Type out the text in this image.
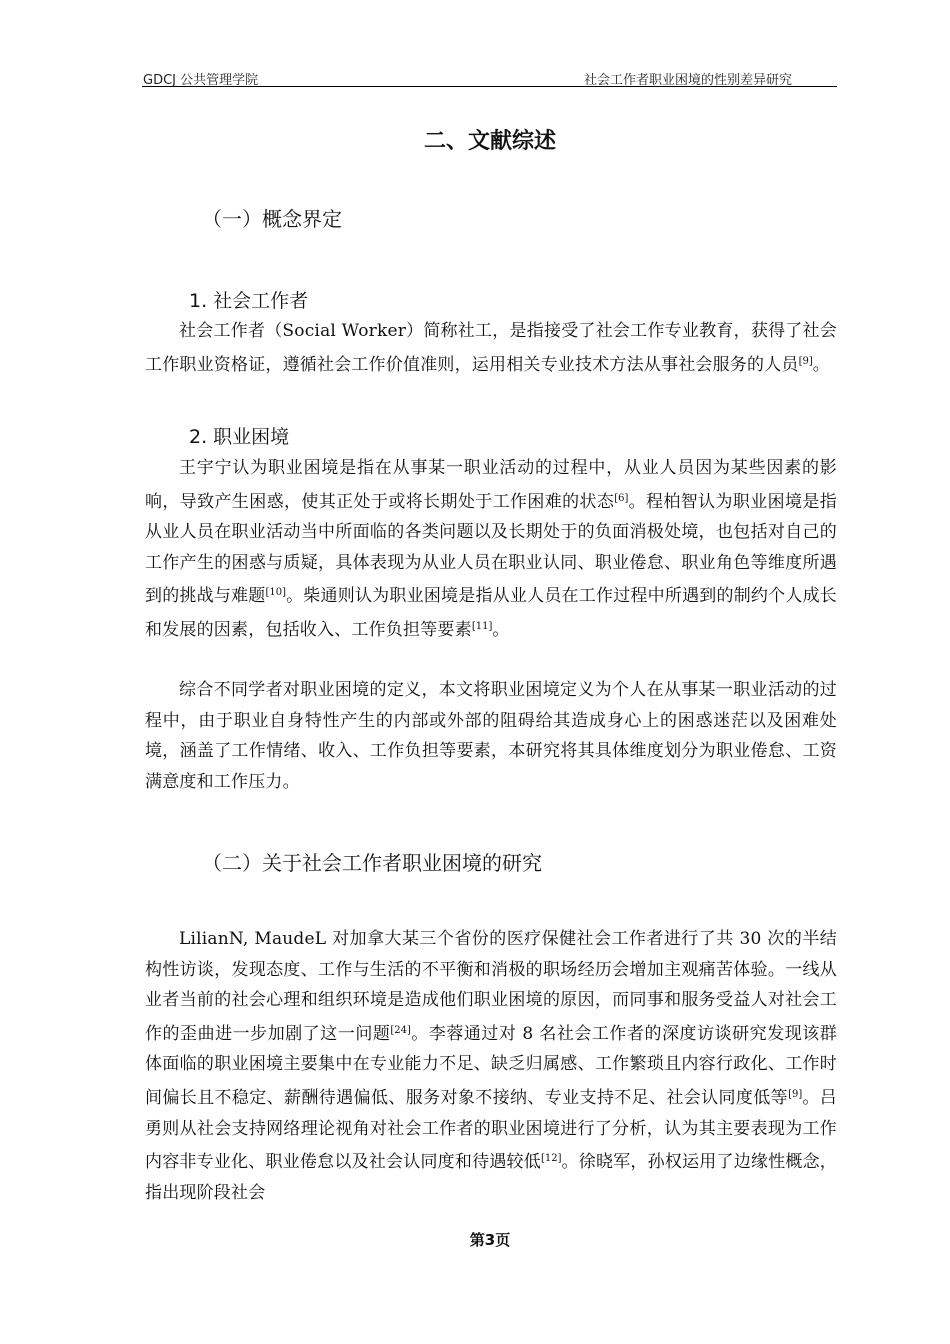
GDCJ 公共管理学院	社会工作者职业困境的性别差异研究
二、文献综述
（一）概念界定
1. 社会工作者

社会工作者（Social Worker）简称社工，是指接受了社会工作专业教育，获得了社会工作职业资格证，遵循社会工作价值准则，运用相关专业技术方法从事社会服务的人员[9]。

2. 职业困境

王宇宁认为职业困境是指在从事某一职业活动的过程中，从业人员因为某些因素的影响，导致产生困惑，使其正处于或将长期处于工作困难的状态[6]。程柏智认为职业困境是指从业人员在职业活动当中所面临的各类问题以及长期处于的负面消极处境，也包括对自己的工作产生的困惑与质疑，具体表现为从业人员在职业认同、职业倦怠、职业角色等维度所遇到的挑战与难题[10]。柴通则认为职业困境是指从业人员在工作过程中所遇到的制约个人成长和发展的因素，包括收入、工作负担等要素[11]。

综合不同学者对职业困境的定义，本文将职业困境定义为个人在从事某一职业活动的过程中，由于职业自身特性产生的内部或外部的阻碍给其造成身心上的困惑迷茫以及困难处境，涵盖了工作情绪、收入、工作负担等要素，本研究将其具体维度划分为职业倦怠、工资满意度和工作压力。

（二）关于社会工作者职业困境的研究

LilianN, MaudeL 对加拿大某三个省份的医疗保健社会工作者进行了共 30 次的半结构性访谈，发现态度、工作与生活的不平衡和消极的职场经历会增加主观痛苦体验。一线从业者当前的社会心理和组织环境是造成他们职业困境的原因，而同事和服务受益人对社会工作的歪曲进一步加剧了这一问题[24]。李蓉通过对 8 名社会工作者的深度访谈研究发现该群体面临的职业困境主要集中在专业能力不足、缺乏归属感、工作繁琐且内容行政化、工作时间偏长且不稳定、薪酬待遇偏低、服务对象不接纳、专业支持不足、社会认同度低等[9]。吕勇则从社会支持网络理论视角对社会工作者的职业困境进行了分析，认为其主要表现为工作内容非专业化、职业倦怠以及社会认同度和待遇较低[12]。徐晓军，孙权运用了边缘性概念，指出现阶段社会

第3页
